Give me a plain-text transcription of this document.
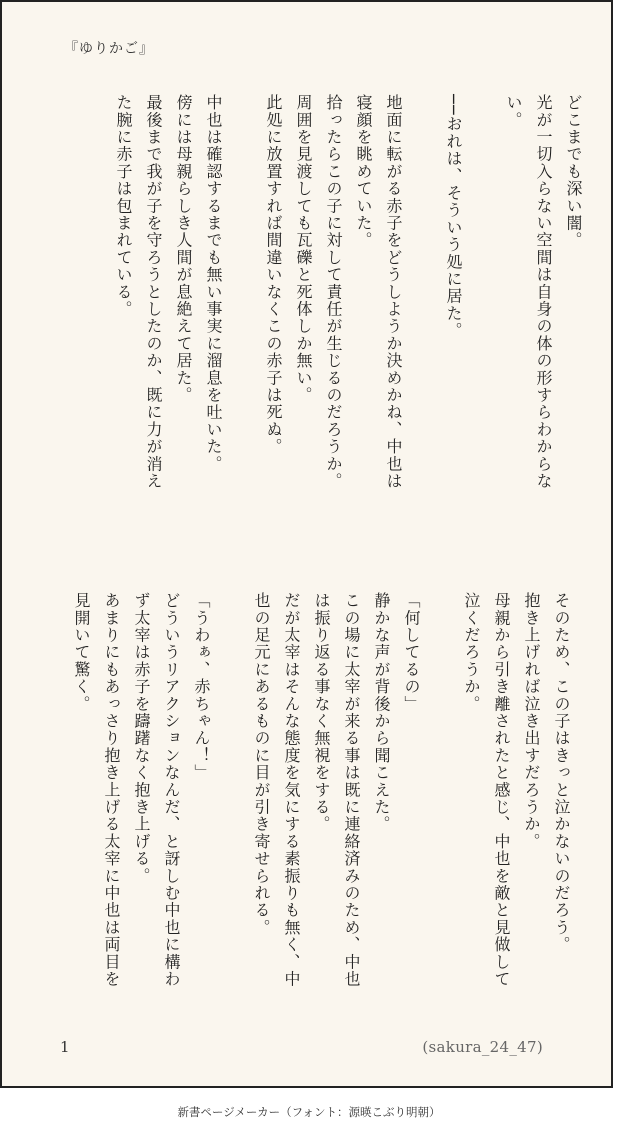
『ゆりかご』
どこまでも深い闇。
光が一切入らない空間は自身の体の形すらわからな
い。
──おれは、そういう処に居た。
地面に転がる赤子をどうしようか決めかね、中也は
寝顔を眺めていた。
拾ったらこの子に対して責任が生じるのだろうか。
周囲を見渡しても瓦礫と死体しか無い。
此処に放置すれば間違いなくこの赤子は死ぬ。
中也は確認するまでも無い事実に溜息を吐いた。
傍には母親らしき人間が息絶えて居た。
最後まで我が子を守ろうとしたのか、既に力が消え
た腕に赤子は包まれている。
そのため、この子はきっと泣かないのだろう。
抱き上げれば泣き出すだろうか。
母親から引き離されたと感じ、中也を敵と見做して
泣くだろうか。
「何してるの」
静かな声が背後から聞こえた。
この場に太宰が来る事は既に連絡済みのため、中也
は振り返る事なく無視をする。
だが太宰はそんな態度を気にする素振りも無く、中
也の足元にあるものに目が引き寄せられる。
「うわぁ、赤ちゃん！」
どういうリアクションなんだ、と訝しむ中也に構わ
ず太宰は赤子を躊躇なく抱き上げる。
あまりにもあっさり抱き上げる太宰に中也は両目を
見開いて驚く。
1	(sakura_24_47)
新書ページメーカー（フォント：源暎こぶり明朝）
